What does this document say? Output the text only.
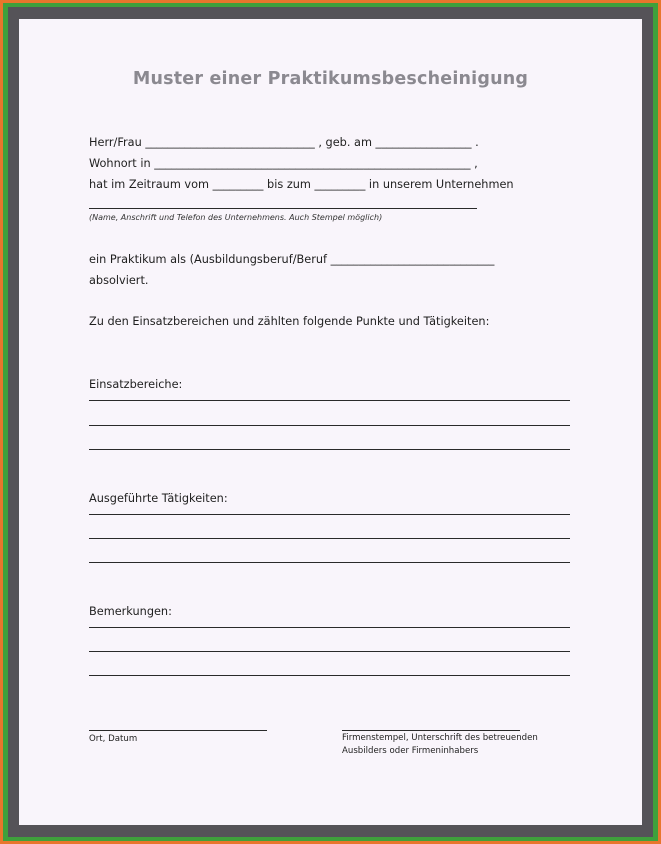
Muster einer Praktikumsbescheinigung
Herr/Frau ______________________________ , geb. am _________________ .
Wohnort in ________________________________________________________ ,
hat im Zeitraum vom _________ bis zum _________ in unserem Unternehmen
(Name, Anschrift und Telefon des Unternehmens. Auch Stempel möglich)
ein Praktikum als (Ausbildungsberuf/Beruf _____________________________
absolviert.
Zu den Einsatzbereichen und zählten folgende Punkte und Tätigkeiten:
Einsatzbereiche:
Ausgeführte Tätigkeiten:
Bemerkungen:
Ort, Datum	Firmenstempel, Unterschrift des betreuenden
Ausbilders oder Firmeninhabers
